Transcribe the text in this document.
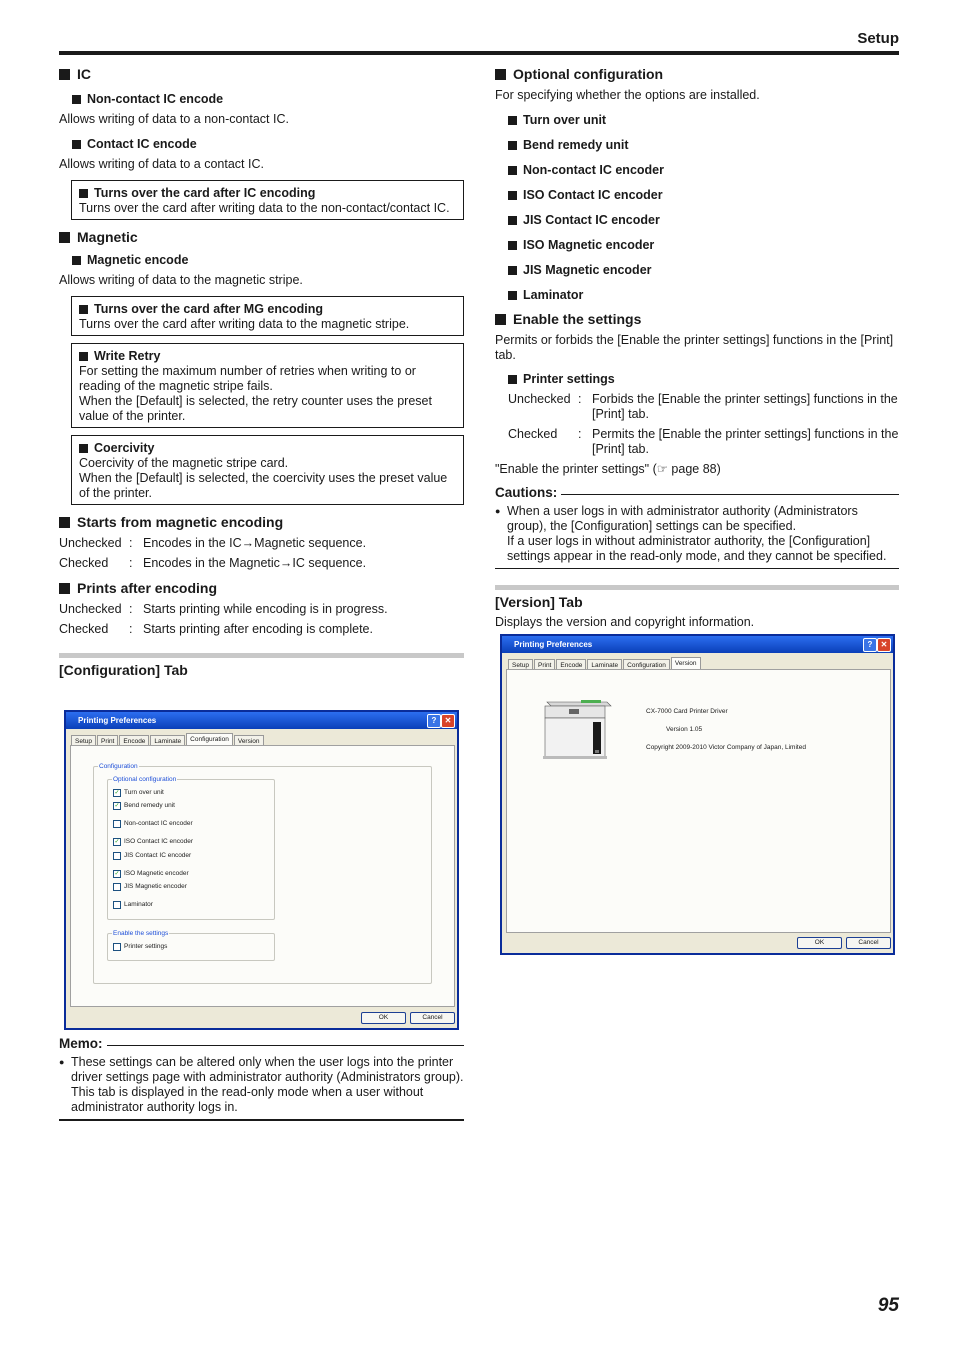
Setup
IC
Non-contact IC encode

Allows writing of data to a non-contact IC.

Contact IC encode

Allows writing of data to a contact IC.

Turns over the card after IC encoding
Turns over the card after writing data to the non-contact/contact IC.
Magnetic
Magnetic encode

Allows writing of data to the magnetic stripe.

Turns over the card after MG encoding
Turns over the card after writing data to the magnetic stripe.
Write Retry
For setting the maximum number of retries when writing to or reading of the magnetic stripe fails.
When the [Default] is selected, the retry counter uses the preset value of the printer.
Coercivity
Coercivity of the magnetic stripe card.
When the [Default] is selected, the coercivity uses the preset value of the printer.
Starts from magnetic encoding
Unchecked : Encodes in the IC→Magnetic sequence.
Checked	: Encodes in the Magnetic→IC sequence.
Prints after encoding
Unchecked : Starts printing while encoding is in progress.
Checked	: Starts printing after encoding is complete.
[Configuration] Tab
Printing Preferences	?	✕
Setup	Print	Encode	Laminate	Configuration	Version
Configuration
Optional configuration
✓ Turn over unit
✓ Bend remedy unit
Non-contact IC encoder
✓ ISO Contact IC encoder
JIS Contact IC encoder
✓ ISO Magnetic encoder
JIS Magnetic encoder
Laminator
Enable the settings
Printer settings
OK	Cancel
Memo:
● These settings can be altered only when the user logs into the printer driver settings page with administrator authority (Administrators group).
This tab is displayed in the read-only mode when a user without administrator authority logs in.
Optional configuration

For specifying whether the options are installed.

Turn over unit
Bend remedy unit
Non-contact IC encoder
ISO Contact IC encoder
JIS Contact IC encoder
ISO Magnetic encoder
JIS Magnetic encoder
Laminator
Enable the settings

Permits or forbids the [Enable the printer settings] functions in the [Print] tab.

Printer settings
Unchecked : Forbids the [Enable the printer settings] functions in the [Print] tab.
Checked	: Permits the [Enable the printer settings] functions in the [Print] tab.

"Enable the printer settings" (☞ page 88)

Cautions:
● When a user logs in with administrator authority (Administrators group), the [Configuration] settings can be specified.
If a user logs in without administrator authority, the [Configuration] settings appear in the read-only mode, and they cannot be specified.
[Version] Tab

Displays the version and copyright information.

Printing Preferences	?	✕
Setup	Print	Encode	Laminate	Configuration	Version
CX-7000 Card Printer Driver
Version 1.05
Copyright 2009-2010 Victor Company of Japan, Limited
OK	Cancel
95
